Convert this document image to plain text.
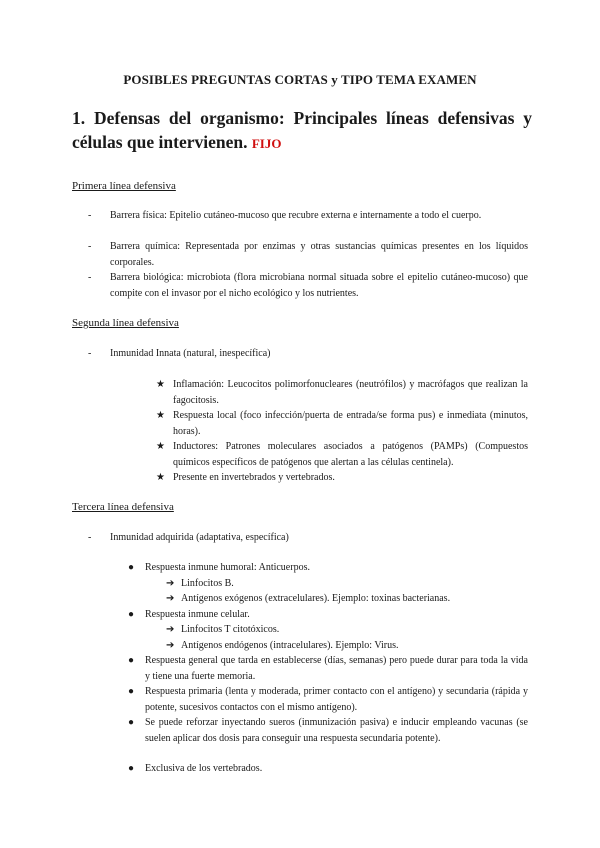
POSIBLES PREGUNTAS CORTAS y TIPO TEMA EXAMEN
1. Defensas del organismo: Principales líneas defensivas y células que intervienen. FIJO
Primera línea defensiva
- Barrera física: Epitelio cutáneo-mucoso que recubre externa e internamente a todo el cuerpo.
- Barrera química: Representada por enzimas y otras sustancias químicas presentes en los líquidos corporales.
- Barrera biológica: microbiota (flora microbiana normal situada sobre el epitelio cutáneo-mucoso) que compite con el invasor por el nicho ecológico y los nutrientes.
Segunda línea defensiva
- Inmunidad Innata (natural, inespecífica)
★ Inflamación: Leucocitos polimorfonucleares (neutrófilos) y macrófagos que realizan la fagocitosis.
★ Respuesta local (foco infección/puerta de entrada/se forma pus) e inmediata (minutos, horas).
★ Inductores: Patrones moleculares asociados a patógenos (PAMPs) (Compuestos químicos específicos de patógenos que alertan a las células centinela).
★ Presente en invertebrados y vertebrados.
Tercera línea defensiva
- Inmunidad adquirida (adaptativa, específica)
● Respuesta inmune humoral: Anticuerpos.
➔ Linfocitos B.
➔ Antígenos exógenos (extracelulares). Ejemplo: toxinas bacterianas.
● Respuesta inmune celular.
➔ Linfocitos T citotóxicos.
➔ Antígenos endógenos (intracelulares). Ejemplo: Virus.
● Respuesta general que tarda en establecerse (días, semanas) pero puede durar para toda la vida y tiene una fuerte memoria.
● Respuesta primaria (lenta y moderada, primer contacto con el antígeno) y secundaria (rápida y potente, sucesivos contactos con el mismo antígeno).
● Se puede reforzar inyectando sueros (inmunización pasiva) e inducir empleando vacunas (se suelen aplicar dos dosis para conseguir una respuesta secundaria potente).
● Exclusiva de los vertebrados.
